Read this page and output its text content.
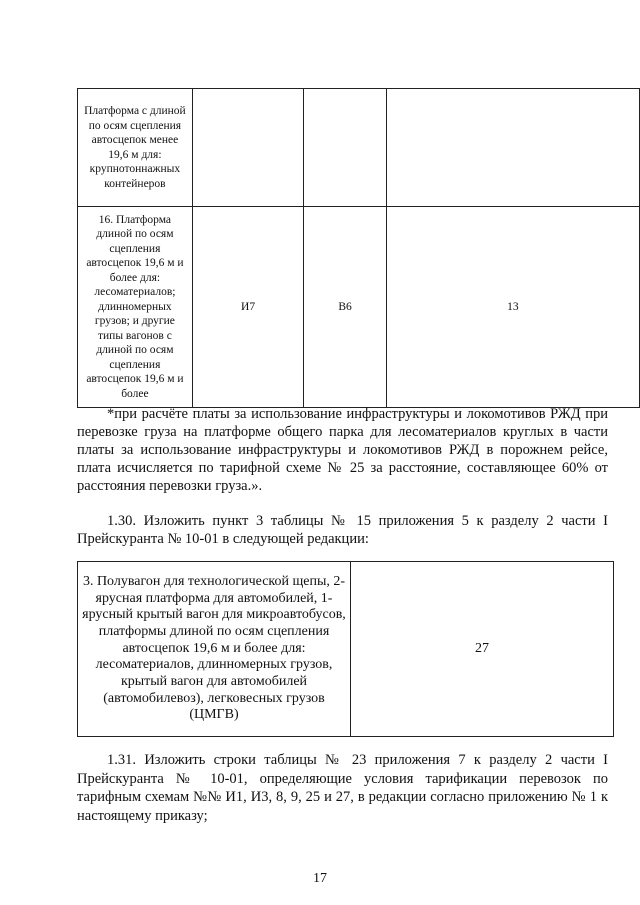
Платформа с длиной по осям сцепления автосцепок менее 19,6 м для: крупнотоннажных контейнеров			
16. Платформа длиной по осям сцепления автосцепок 19,6 м и более для: лесоматериалов; длинномерных грузов; и другие типы вагонов с длиной по осям сцепления автосцепок 19,6 м и более	И7	В6	13
*при расчёте платы за использование инфраструктуры и локомотивов РЖД при перевозке груза на платформе общего парка для лесоматериалов круглых в части платы за использование инфраструктуры и локомотивов РЖД в порожнем рейсе, плата исчисляется по тарифной схеме № 25 за расстояние, составляющее 60% от расстояния перевозки груза.».
1.30. Изложить пункт 3 таблицы № 15 приложения 5 к разделу 2 части I Прейскуранта № 10-01 в следующей редакции:
3. Полувагон для технологической щепы, 2-ярусная платформа для автомобилей, 1-ярусный крытый вагон для микроавтобусов, платформы длиной по осям сцепления автосцепок 19,6 м и более для: лесоматериалов, длинномерных грузов, крытый вагон для автомобилей (автомобилевоз), легковесных грузов (ЦМГВ)	27
1.31. Изложить строки таблицы № 23 приложения 7 к разделу 2 части I Прейскуранта № 10-01, определяющие условия тарификации перевозок по тарифным схемам №№ И1, И3, 8, 9, 25 и 27, в редакции согласно приложению № 1 к настоящему приказу;
17
